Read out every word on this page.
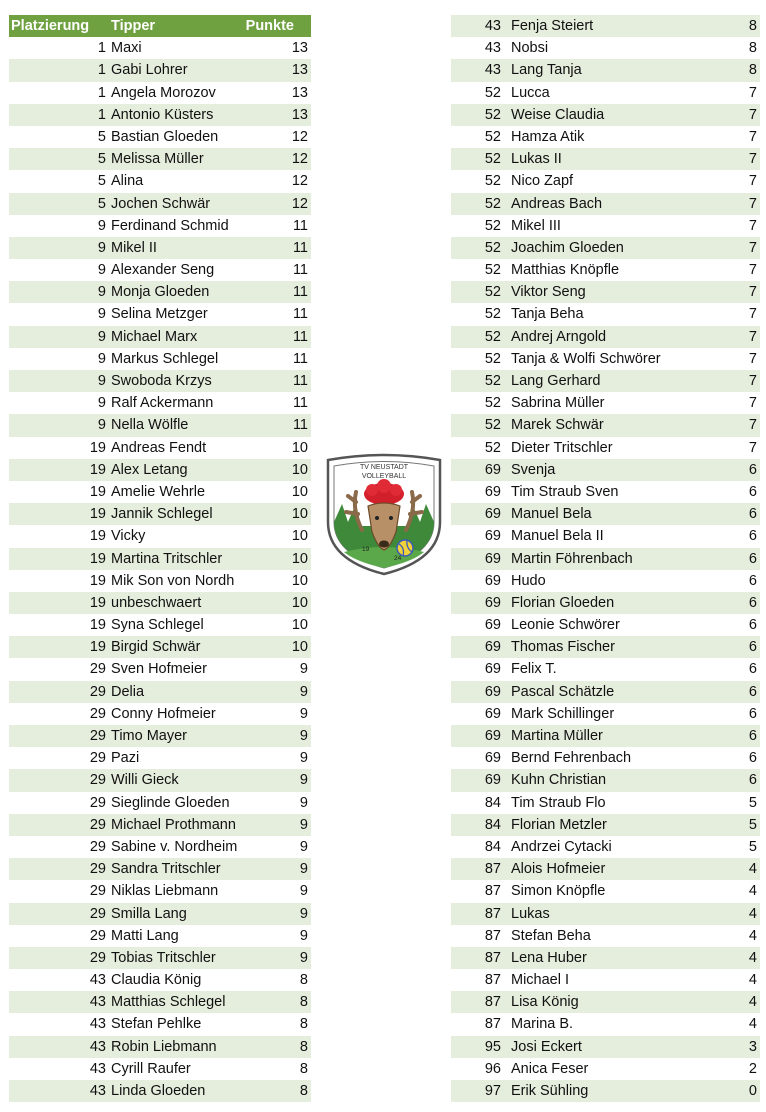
Platzierung Tipper	Punkte
1 Maxi	13
1 Gabi Lohrer	13
1 Angela Morozov	13
1 Antonio Küsters	13
5 Bastian Gloeden	12
5 Melissa Müller	12
5 Alina	12
5 Jochen Schwär	12
9 Ferdinand Schmid	11
9 Mikel II	11
9 Alexander Seng	11
9 Monja Gloeden	11
9 Selina Metzger	11
9 Michael Marx	11
9 Markus Schlegel	11
9 Swoboda Krzys	11
9 Ralf Ackermann	11
9 Nella Wölfle	11
19 Andreas Fendt	10
19 Alex Letang	10
19 Amelie Wehrle	10
19 Jannik Schlegel	10
19 Vicky	10
19 Martina Tritschler	10
19 Mik Son von Nordh	10
19 unbeschwaert	10
19 Syna Schlegel	10
19 Birgid Schwär	10
29 Sven Hofmeier	9
29 Delia	9
29 Conny Hofmeier	9
29 Timo Mayer	9
29 Pazi	9
29 Willi Gieck	9
29 Sieglinde Gloeden	9
29 Michael Prothmann	9
29 Sabine v. Nordheim	9
29 Sandra Tritschler	9
29 Niklas Liebmann	9
29 Smilla Lang	9
29 Matti Lang	9
29 Tobias Tritschler	9
43 Claudia König	8
43 Matthias Schlegel	8
43 Stefan Pehlke	8
43 Robin Liebmann	8
43 Cyrill Raufer	8
43 Linda Gloeden	8
43 Fenja Steiert	8
43 Nobsi	8
43 Lang Tanja	8
52 Lucca	7
52 Weise Claudia	7
52 Hamza Atik	7
52 Lukas II	7
52 Nico Zapf	7
52 Andreas Bach	7
52 Mikel III	7
52 Joachim Gloeden	7
52 Matthias Knöpfle	7
52 Viktor Seng	7
52 Tanja Beha	7
52 Andrej Arngold	7
52 Tanja & Wolfi Schwörer	7
52 Lang Gerhard	7
52 Sabrina Müller	7
52 Marek Schwär	7
52 Dieter Tritschler	7
69 Svenja	6
69 Tim Straub Sven	6
69 Manuel Bela	6
69 Manuel Bela II	6
69 Martin Föhrenbach	6
69 Hudo	6
69 Florian Gloeden	6
69 Leonie Schwörer	6
69 Thomas Fischer	6
69 Felix T.	6
69 Pascal Schätzle	6
69 Mark Schillinger	6
69 Martina Müller	6
69 Bernd Fehrenbach	6
69 Kuhn Christian	6
84 Tim Straub Flo	5
84 Florian Metzler	5
84 Andrzei Cytacki	5
87 Alois Hofmeier	4
87 Simon Knöpfle	4
87 Lukas	4
87 Stefan Beha	4
87 Lena Huber	4
87 Michael I	4
87 Lisa König	4
87 Marina B.	4
95 Josi Eckert	3
96 Anica Feser	2
97 Erik Sühling	0
TV NEUSTADT
VOLLEYBALL
19
24
